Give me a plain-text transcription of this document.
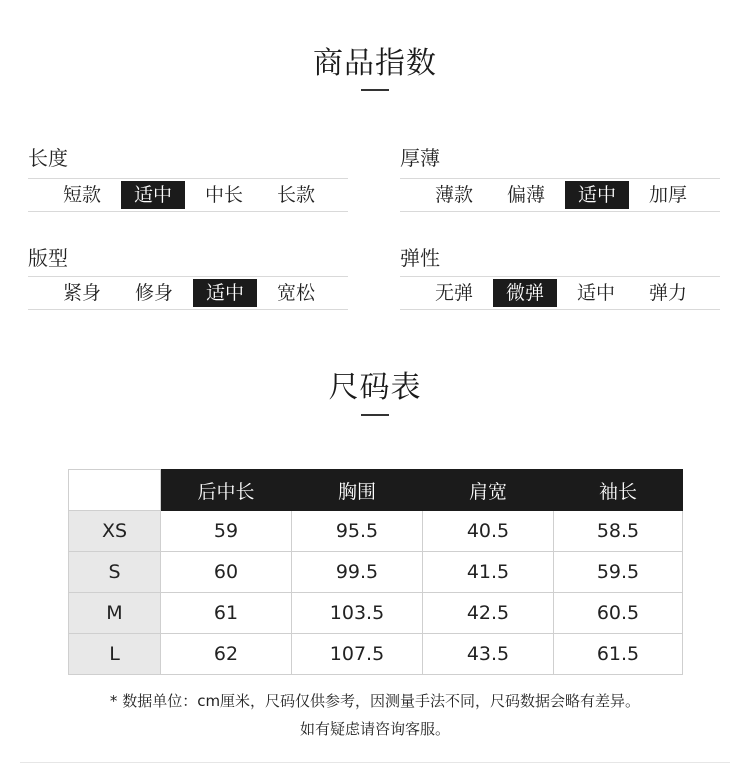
商品指数
长度
短款	适中	中长	长款
厚薄
薄款	偏薄	适中	加厚
版型
紧身	修身	适中	宽松
弹性
无弹	微弹	适中	弹力
尺码表
	后中长	胸围	肩宽	袖长
XS	59	95.5	40.5	58.5
S	60	99.5	41.5	59.5
M	61	103.5	42.5	60.5
L	62	107.5	43.5	61.5
* 数据单位：cm厘米，尺码仅供参考，因测量手法不同，尺码数据会略有差异。
如有疑虑请咨询客服。
